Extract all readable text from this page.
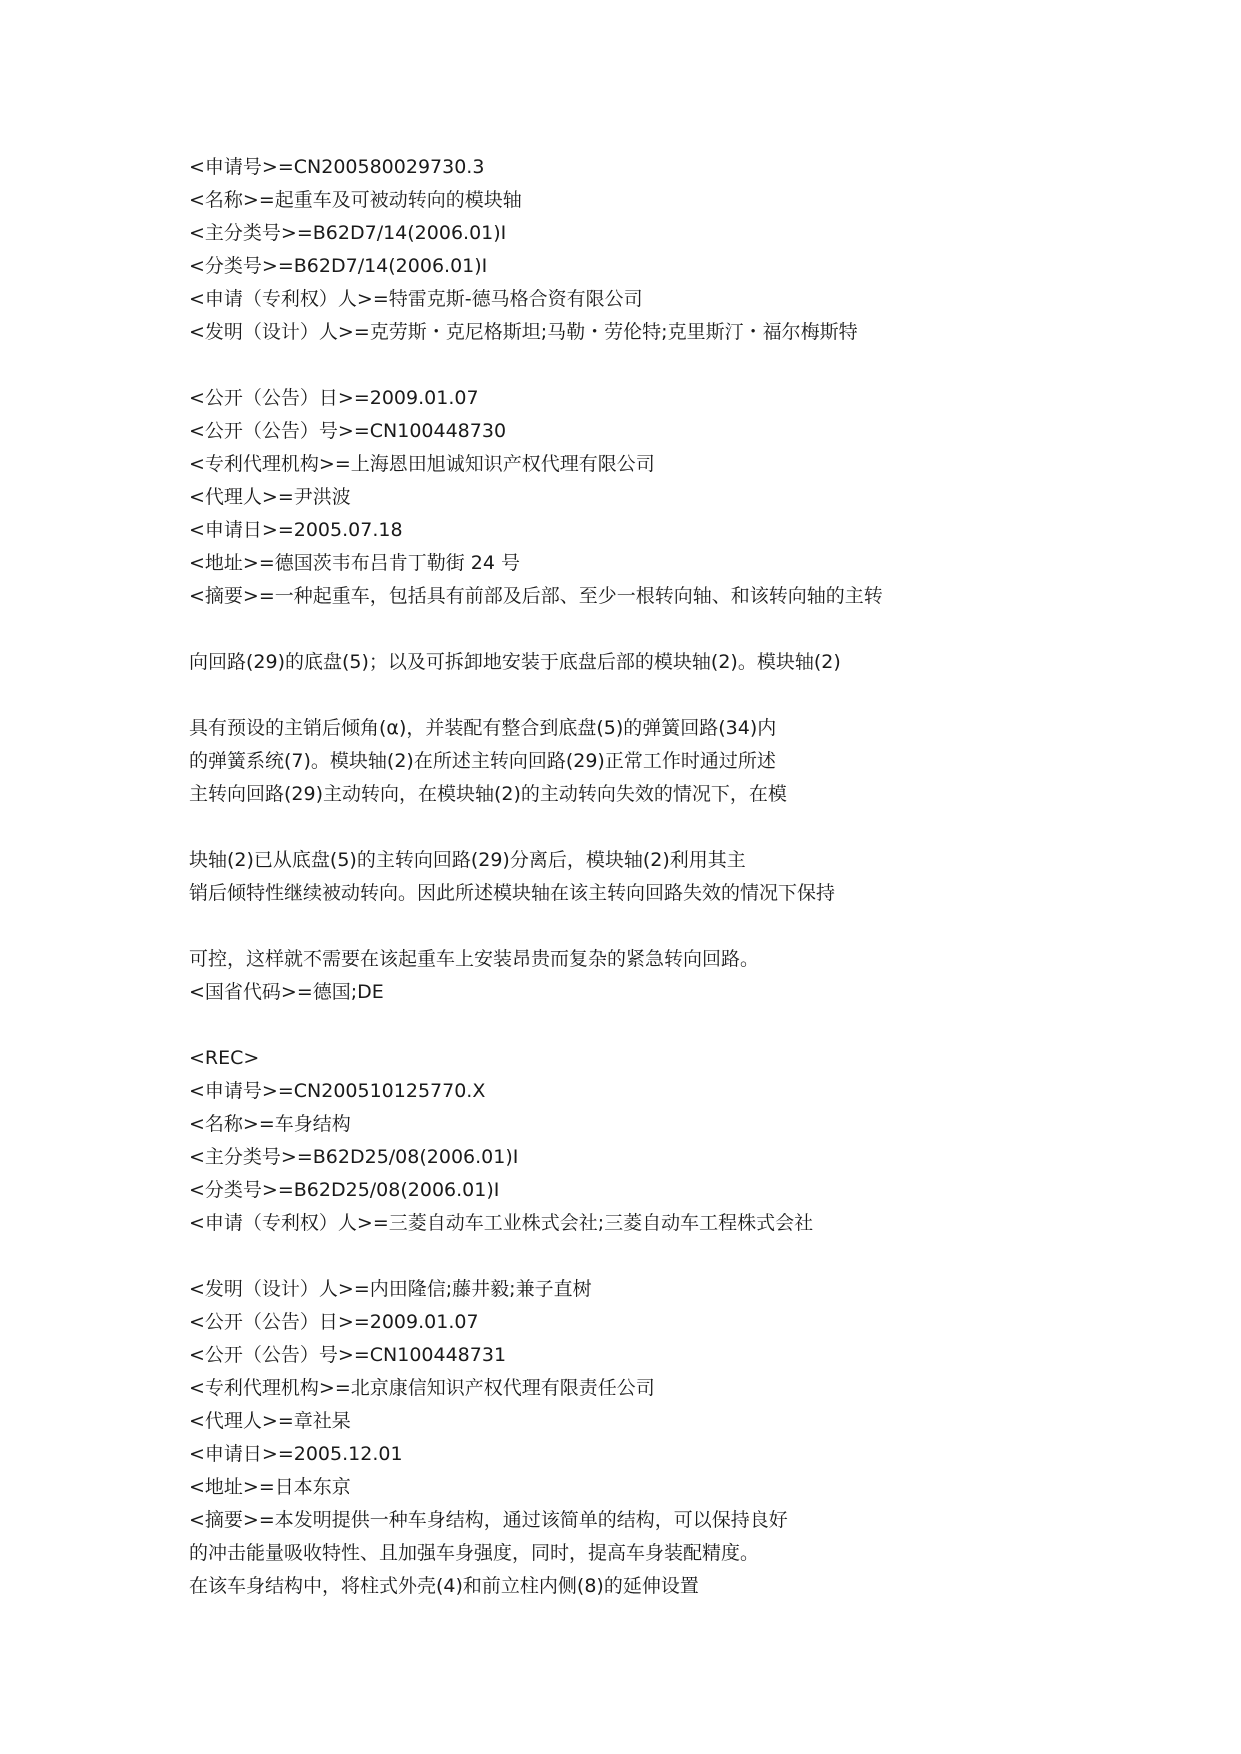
<申请号>=CN200580029730.3
<名称>=起重车及可被动转向的模块轴
<主分类号>=B62D7/14(2006.01)I
<分类号>=B62D7/14(2006.01)I
<申请（专利权）人>=特雷克斯-德马格合资有限公司
<发明（设计）人>=克劳斯・克尼格斯坦;马勒・劳伦特;克里斯汀・福尔梅斯特
<公开（公告）日>=2009.01.07
<公开（公告）号>=CN100448730
<专利代理机构>=上海恩田旭诚知识产权代理有限公司
<代理人>=尹洪波
<申请日>=2005.07.18
<地址>=德国茨韦布吕肯丁勒街 24 号
<摘要>=一种起重车，包括具有前部及后部、至少一根转向轴、和该转向轴的主转
向回路(29)的底盘(5)；以及可拆卸地安装于底盘后部的模块轴(2)。模块轴(2)
具有预设的主销后倾角(α)，并装配有整合到底盘(5)的弹簧回路(34)内
的弹簧系统(7)。模块轴(2)在所述主转向回路(29)正常工作时通过所述
主转向回路(29)主动转向，在模块轴(2)的主动转向失效的情况下，在模
块轴(2)已从底盘(5)的主转向回路(29)分离后，模块轴(2)利用其主
销后倾特性继续被动转向。因此所述模块轴在该主转向回路失效的情况下保持
可控，这样就不需要在该起重车上安装昂贵而复杂的紧急转向回路。
<国省代码>=德国;DE
<REC>
<申请号>=CN200510125770.X
<名称>=车身结构
<主分类号>=B62D25/08(2006.01)I
<分类号>=B62D25/08(2006.01)I
<申请（专利权）人>=三菱自动车工业株式会社;三菱自动车工程株式会社
<发明（设计）人>=内田隆信;藤井毅;兼子直树
<公开（公告）日>=2009.01.07
<公开（公告）号>=CN100448731
<专利代理机构>=北京康信知识产权代理有限责任公司
<代理人>=章社杲
<申请日>=2005.12.01
<地址>=日本东京
<摘要>=本发明提供一种车身结构，通过该简单的结构，可以保持良好
的冲击能量吸收特性、且加强车身强度，同时，提高车身装配精度。
在该车身结构中，将柱式外壳(4)和前立柱内侧(8)的延伸设置
